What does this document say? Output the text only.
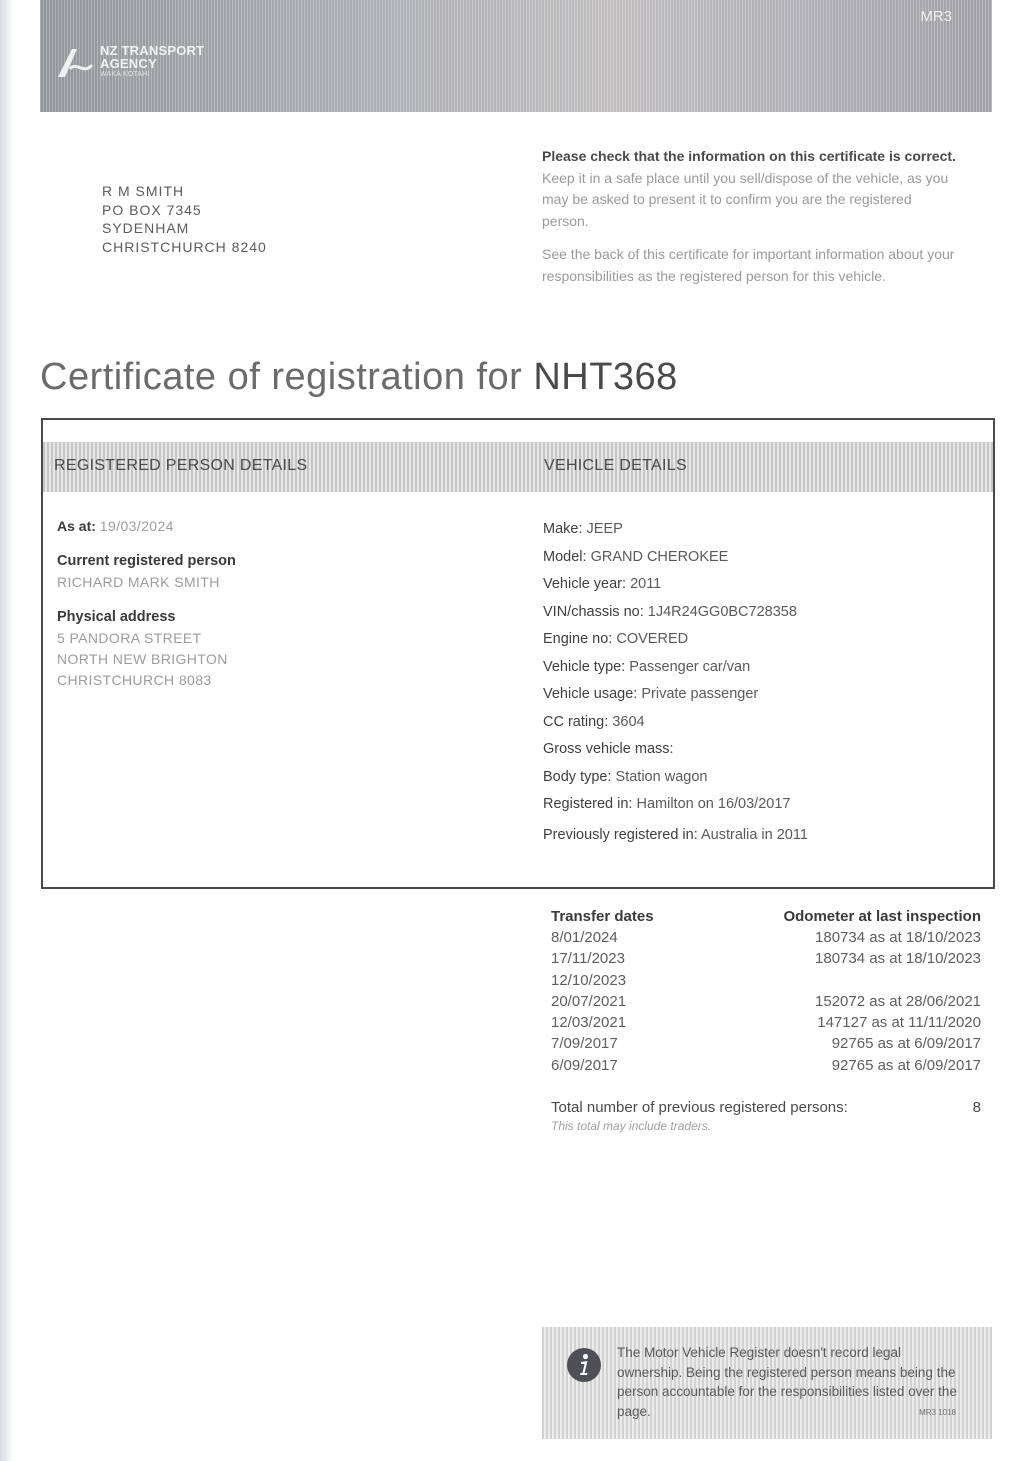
NZ TRANSPORT
AGENCY
WAKA KOTAHI
MR3
R M SMITH
PO BOX 7345
SYDENHAM
CHRISTCHURCH 8240

Please check that the information on this certificate is correct. Keep it in a safe place until you sell/dispose of the vehicle, as you may be asked to present it to confirm you are the registered person.

See the back of this certificate for important information about your responsibilities as the registered person for this vehicle.

Certificate of registration for NHT368
REGISTERED PERSON DETAILS	VEHICLE DETAILS
As at: 19/03/2024
Current registered person
RICHARD MARK SMITH
Physical address
5 PANDORA STREET
NORTH NEW BRIGHTON
CHRISTCHURCH 8083
Make: JEEP
Model: GRAND CHEROKEE
Vehicle year: 2011
VIN/chassis no: 1J4R24GG0BC728358
Engine no: COVERED
Vehicle type: Passenger car/van
Vehicle usage: Private passenger
CC rating: 3604
Gross vehicle mass:
Body type: Station wagon
Registered in: Hamilton on 16/03/2017
Previously registered in: Australia in 2011
Transfer dates	Odometer at last inspection
8/01/2024	180734 as at 18/10/2023
17/11/2023	180734 as at 18/10/2023
12/10/2023
20/07/2021	152072 as at 28/06/2021
12/03/2021	147127 as at 11/11/2020
7/09/2017	92765 as at 6/09/2017
6/09/2017	92765 as at 6/09/2017
Total number of previous registered persons:	8
This total may include traders.
The Motor Vehicle Register doesn't record legal ownership. Being the registered person means being the person accountable for the responsibilities listed over the page.	MR3 1018
